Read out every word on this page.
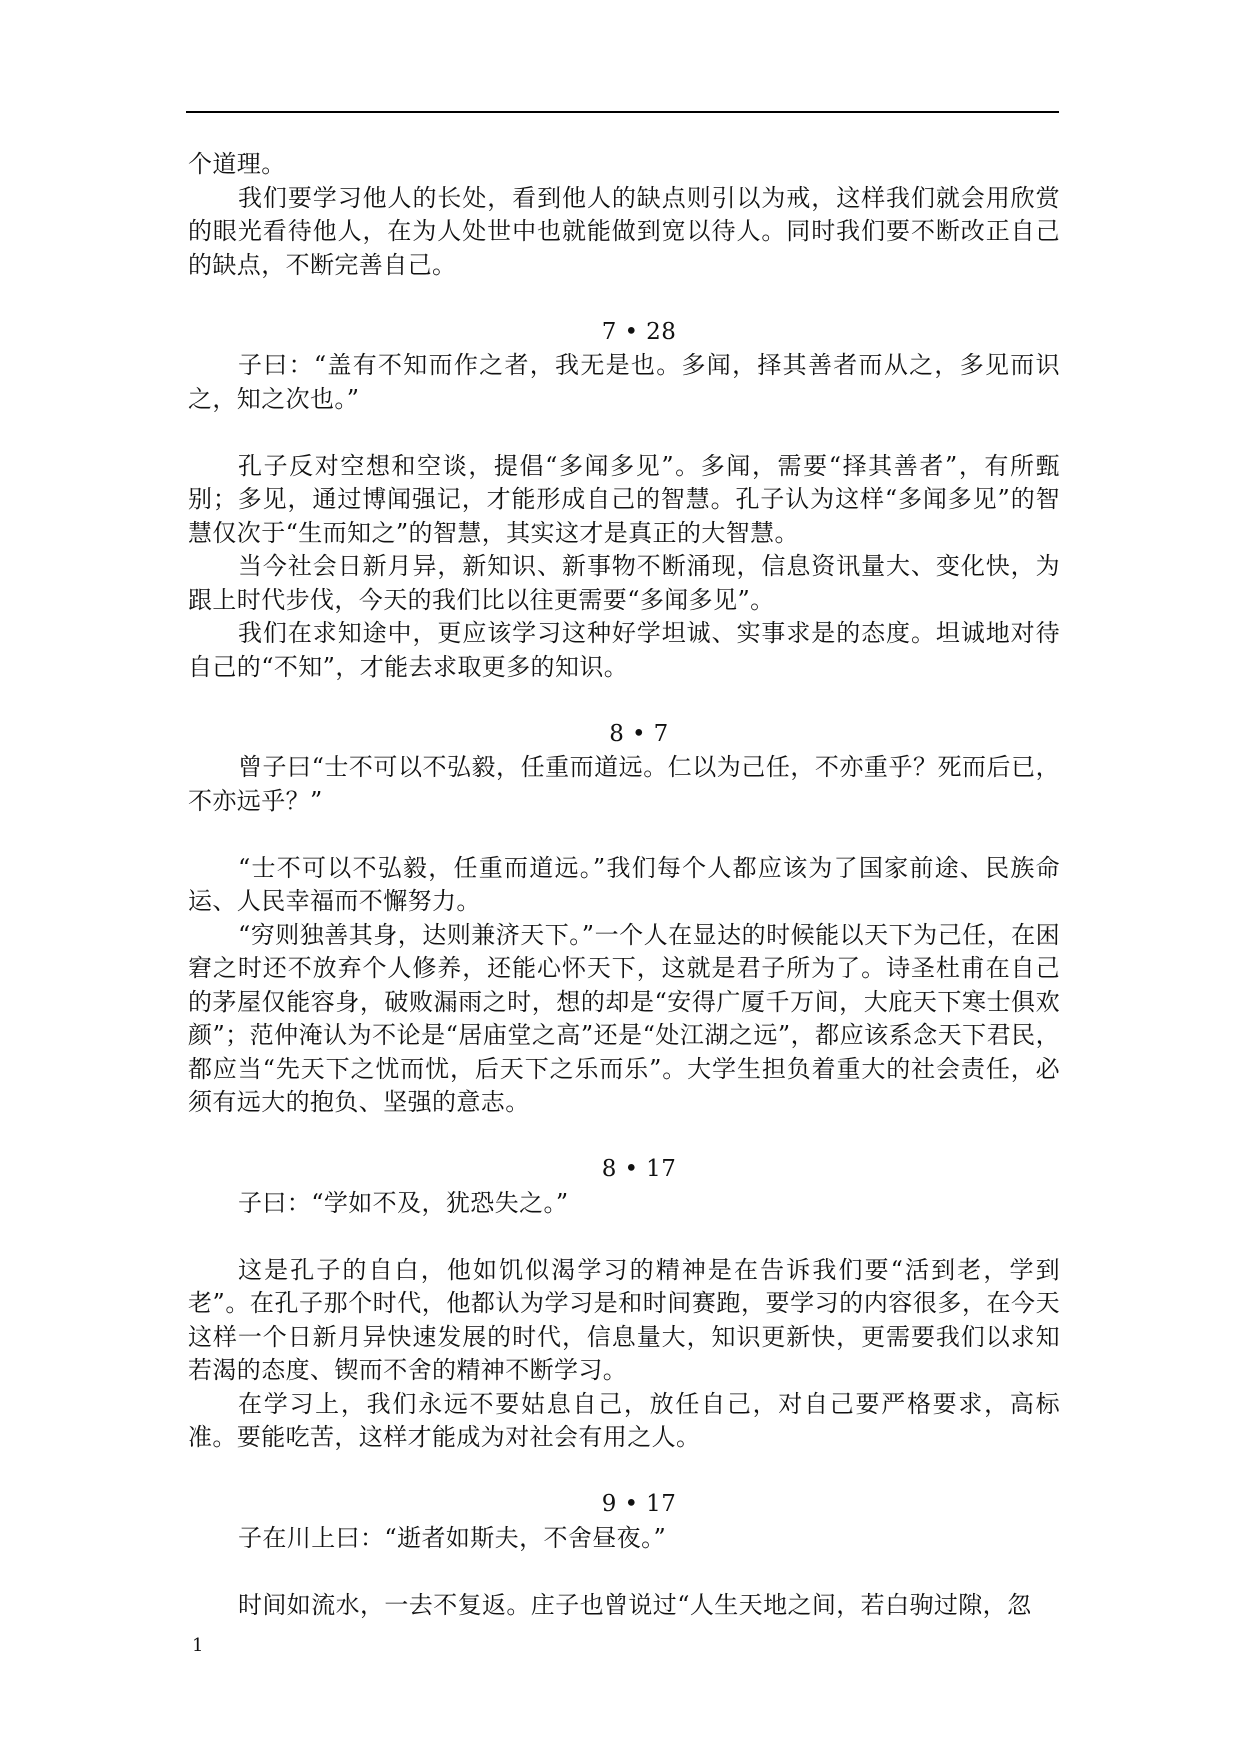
个道理。

我们要学习他人的长处，看到他人的缺点则引以为戒，这样我们就会用欣赏的眼光看待他人，在为人处世中也就能做到宽以待人。同时我们要不断改正自己的缺点，不断完善自己。

7 • 28

子曰：“盖有不知而作之者，我无是也。多闻，择其善者而从之，多见而识之，知之次也。”

孔子反对空想和空谈，提倡“多闻多见”。多闻，需要“择其善者”，有所甄别；多见，通过博闻强记，才能形成自己的智慧。孔子认为这样“多闻多见”的智慧仅次于“生而知之”的智慧，其实这才是真正的大智慧。

当今社会日新月异，新知识、新事物不断涌现，信息资讯量大、变化快，为跟上时代步伐，今天的我们比以往更需要“多闻多见”。

我们在求知途中，更应该学习这种好学坦诚、实事求是的态度。坦诚地对待自己的“不知”，才能去求取更多的知识。

8 • 7

曾子曰“士不可以不弘毅，任重而道远。仁以为己任，不亦重乎？死而后已，不亦远乎？”

“士不可以不弘毅，任重而道远。”我们每个人都应该为了国家前途、民族命运、人民幸福而不懈努力。

“穷则独善其身，达则兼济天下。”一个人在显达的时候能以天下为己任，在困窘之时还不放弃个人修养，还能心怀天下，这就是君子所为了。诗圣杜甫在自己的茅屋仅能容身，破败漏雨之时，想的却是“安得广厦千万间，大庇天下寒士俱欢颜”；范仲淹认为不论是“居庙堂之高”还是“处江湖之远”，都应该系念天下君民，都应当“先天下之忧而忧，后天下之乐而乐”。大学生担负着重大的社会责任，必须有远大的抱负、坚强的意志。

8 • 17

子曰：“学如不及，犹恐失之。”

这是孔子的自白，他如饥似渴学习的精神是在告诉我们要“活到老，学到老”。在孔子那个时代，他都认为学习是和时间赛跑，要学习的内容很多，在今天这样一个日新月异快速发展的时代，信息量大，知识更新快，更需要我们以求知若渴的态度、锲而不舍的精神不断学习。

在学习上，我们永远不要姑息自己，放任自己，对自己要严格要求，高标准。要能吃苦，这样才能成为对社会有用之人。

9 • 17

子在川上曰：“逝者如斯夫，不舍昼夜。”

时间如流水，一去不复返。庄子也曾说过“人生天地之间，若白驹过隙，忽

1
